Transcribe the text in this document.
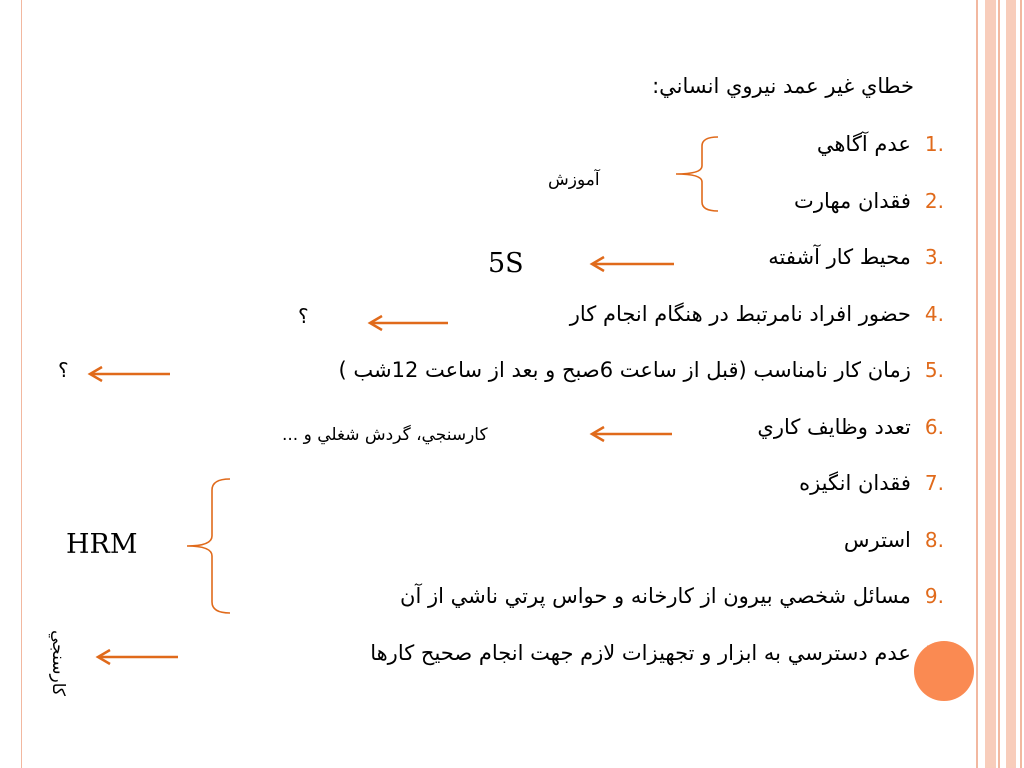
خطاي غير عمد نيروي انساني:
.1عدم آگاهي
.2فقدان مهارت
.3محيط كار آشفته
.4حضور افراد نامرتبط در هنگام انجام كار
.5زمان كار نامناسب (قبل از ساعت 6صبح و بعد از ساعت 12شب )
.6تعدد وظايف كاري
.7فقدان انگيزه
.8استرس
.9مسائل شخصي بيرون از كارخانه و حواس پرتي ناشي از آن
عدم دسترسي به ابزار و تجهيزات لازم جهت انجام صحيح كارها
آموزش
5S
؟
؟
كارسنجي، گردش شغلي و ...
HRM
كارسنجي
